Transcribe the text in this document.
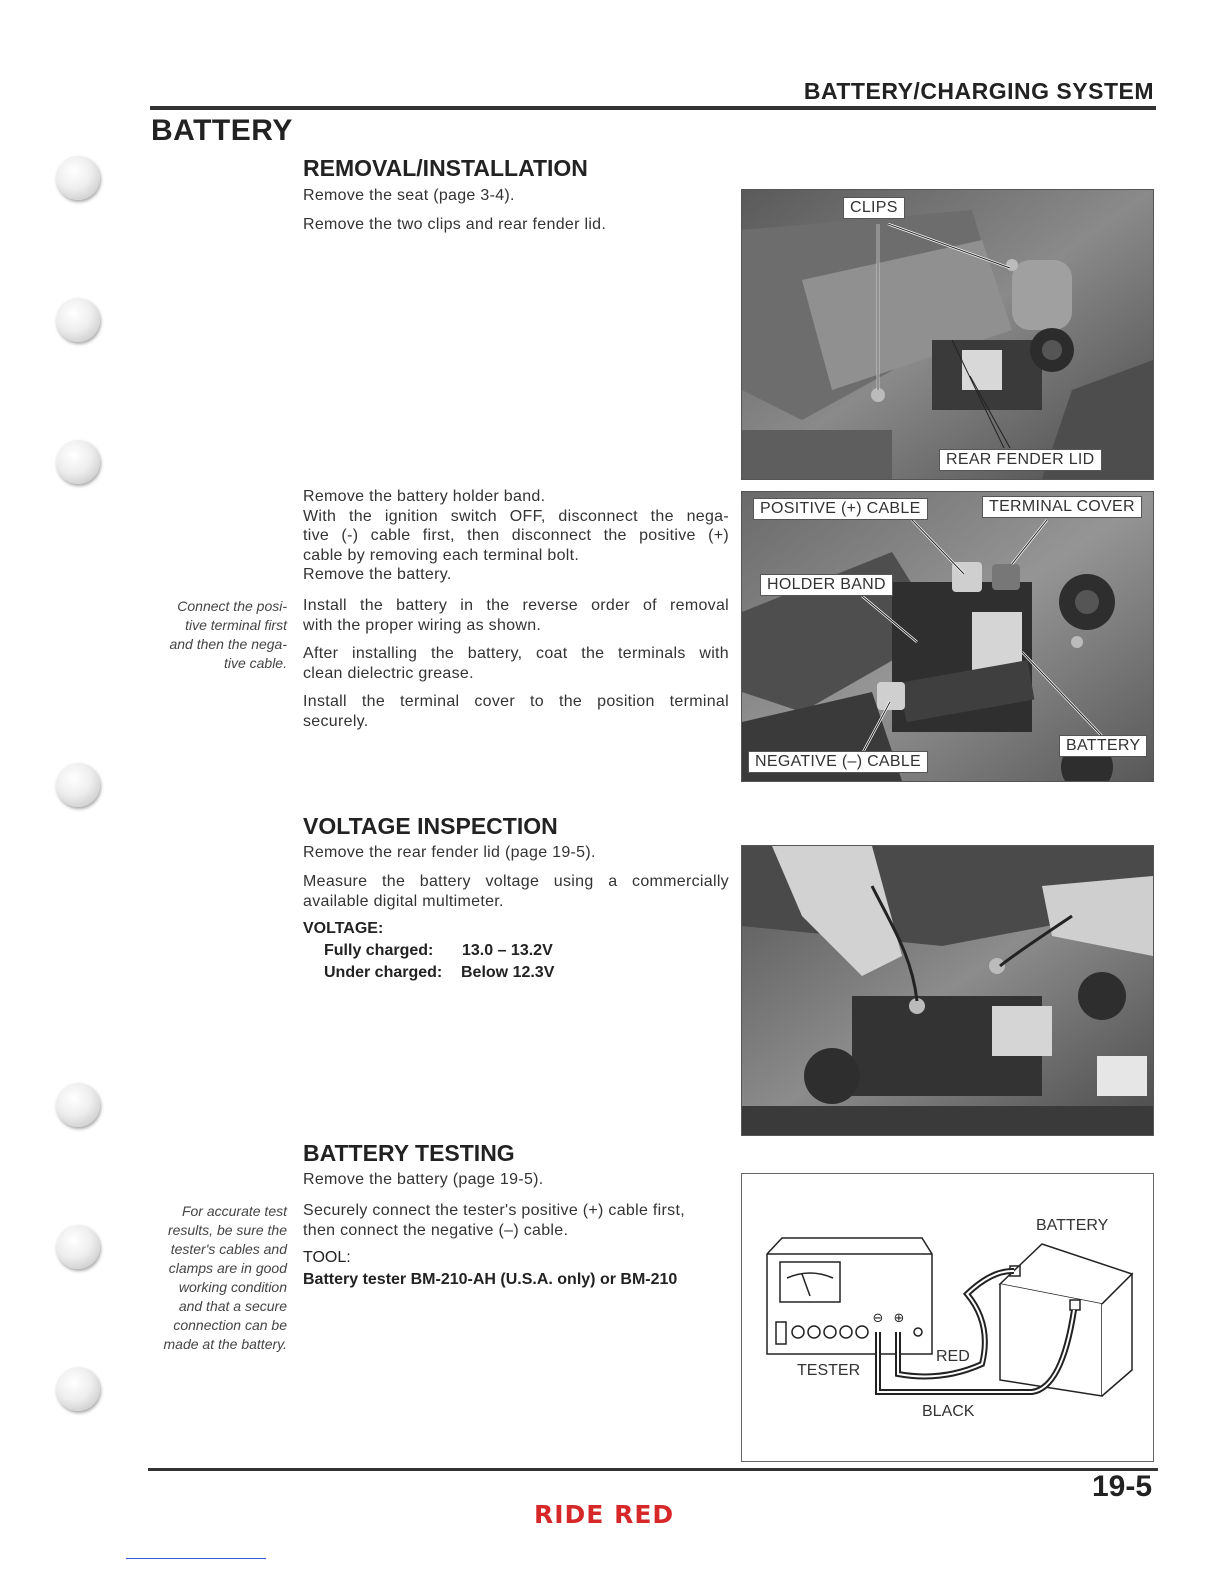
BATTERY/CHARGING SYSTEM
BATTERY
REMOVAL/INSTALLATION
Remove the seat (page 3-4).
Remove the two clips and rear fender lid.
Remove the battery holder band.
With the ignition switch OFF, disconnect the nega-
tive (-) cable first, then disconnect the positive (+)
cable by removing each terminal bolt.
Remove the battery.
Connect the posi-
tive terminal first
and then the nega-
tive cable.
Install the battery in the reverse order of removal
with the proper wiring as shown.
After installing the battery, coat the terminals with
clean dielectric grease.
Install the terminal cover to the position terminal
securely.
CLIPS
REAR FENDER LID
POSITIVE (+) CABLE	TERMINAL COVER
HOLDER BAND
NEGATIVE (–) CABLE
BATTERY
VOLTAGE INSPECTION
Remove the rear fender lid (page 19-5).
Measure the battery voltage using a commercially
available digital multimeter.
VOLTAGE:
Fully charged: 13.0 – 13.2V
Under charged: Below 12.3V
BATTERY TESTING
Remove the battery (page 19-5).
For accurate test
results, be sure the
tester's cables and
clamps are in good
working condition
and that a secure
connection can be
made at the battery.
Securely connect the tester's positive (+) cable first,
then connect the negative (–) cable.
TOOL:
Battery tester BM-210-AH (U.S.A. only) or BM-210
⊖ ⊕
BATTERY
TESTER
RED
BLACK
19-5
RIDE RED
